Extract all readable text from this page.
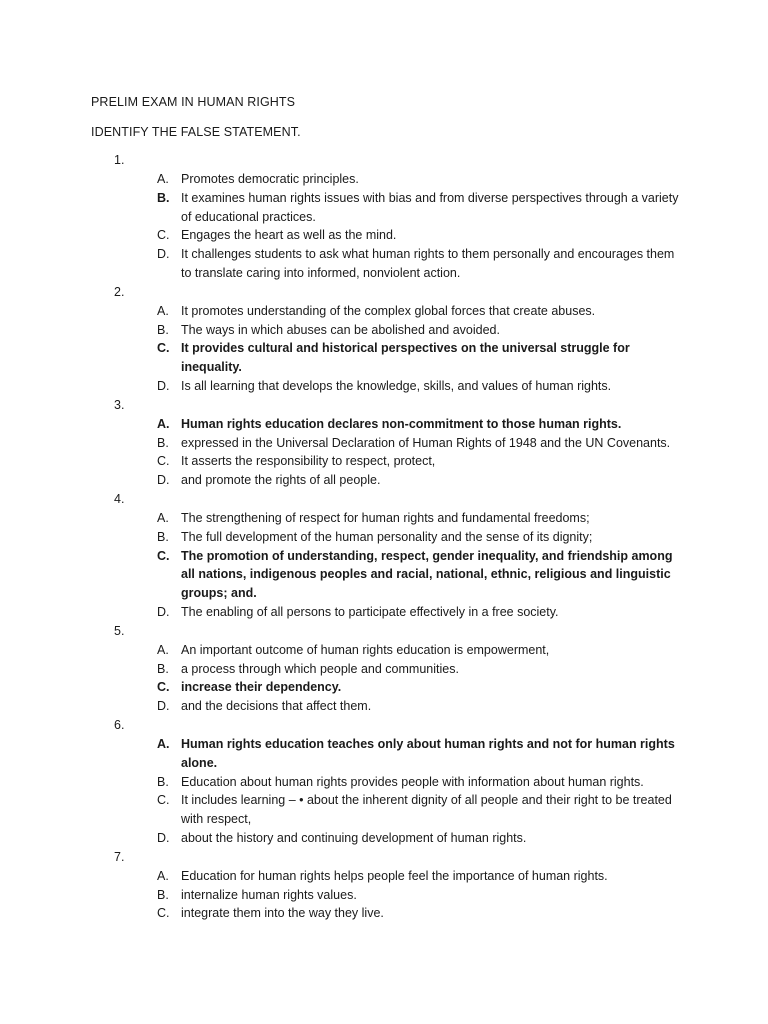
PRELIM EXAM IN HUMAN RIGHTS
IDENTIFY THE FALSE STATEMENT.
1.
A. Promotes democratic principles.
B. It examines human rights issues with bias and from diverse perspectives through a variety of educational practices.
C. Engages the heart as well as the mind.
D. It challenges students to ask what human rights to them personally and encourages them to translate caring into informed, nonviolent action.
2.
A. It promotes understanding of the complex global forces that create abuses.
B. The ways in which abuses can be abolished and avoided.
C. It provides cultural and historical perspectives on the universal struggle for inequality.
D. Is all learning that develops the knowledge, skills, and values of human rights.
3.
A. Human rights education declares non-commitment to those human rights.
B. expressed in the Universal Declaration of Human Rights of 1948 and the UN Covenants.
C. It asserts the responsibility to respect, protect,
D. and promote the rights of all people.
4.
A. The strengthening of respect for human rights and fundamental freedoms;
B. The full development of the human personality and the sense of its dignity;
C. The promotion of understanding, respect, gender inequality, and friendship among all nations, indigenous peoples and racial, national, ethnic, religious and linguistic groups; and.
D. The enabling of all persons to participate effectively in a free society.
5.
A. An important outcome of human rights education is empowerment,
B. a process through which people and communities.
C. increase their dependency.
D. and the decisions that affect them.
6.
A. Human rights education teaches only about human rights and not for human rights alone.
B. Education about human rights provides people with information about human rights.
C. It includes learning – • about the inherent dignity of all people and their right to be treated with respect,
D. about the history and continuing development of human rights.
7.
A. Education for human rights helps people feel the importance of human rights.
B. internalize human rights values.
C. integrate them into the way they live.
